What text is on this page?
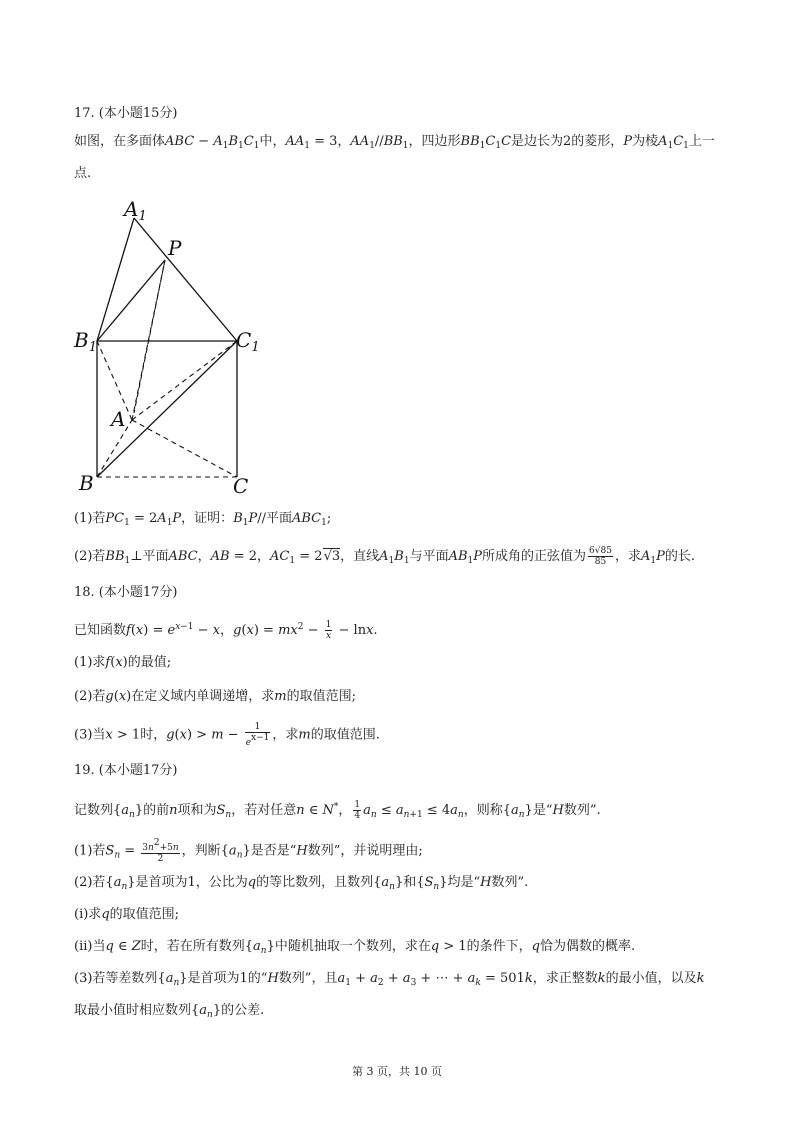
17. (本小题15分)
如图，在多面体ABC − $A_1B_1C_1$中，$AA_1 = 3$，$AA_1//BB_1$，四边形$BB_1C_1C$是边长为2的菱形，P为棱$A_1C_1$上一
点.
$A_1$
P
$B_1$	$C_1$
A
B	C
(1)若$PC_1 = 2A_1P$，证明：$B_1P//$平面$ABC_1$;
(2)若$BB_1\perp$平面ABC，AB = 2，$AC_1 = 2√3$，直线$A_1B_1$与平面$AB_1P$所成角的正弦值为 $\frac{6√85}{85}$ ，求$A_1P$的长.
18. (本小题17分)
已知函数$f(x) = e^{x-1} - x$，$g(x) = mx^2 - \frac{1}{x} - \ln x$.
(1)求f(x)的最值;
(2)若g(x)在定义域内单调递增，求m的取值范围;
(3)当x > 1时，$g(x) > m - \frac{1}{e^{x-1}}$ ，求m的取值范围.
19. (本小题17分)
记数列$\{a_n\}$的前n项和为$S_n$，若对任意n ∈ N*， $\frac{1}{4} a_n \le a_{n+1} \le 4a_n$，则称$\{a_n\}$是“H数列”.
(1)若$S_n = \frac{3n^2+5n}{2}$ ，判断$\{a_n\}$是否是“H数列”，并说明理由;
(2)若$\{a_n\}$是首项为1，公比为q的等比数列，且数列$\{a_n\}$和$\{S_n\}$均是“H数列”.
(i)求q的取值范围;
(ii)当q ∈ Z时，若在所有数列$\{a_n\}$中随机抽取一个数列，求在q > 1的条件下，q恰为偶数的概率.
(3)若等差数列$\{a_n\}$是首项为1的“H数列”，且$a_1 + a_2 + a_3$ + ⋯ + $a_k = 501k$，求正整数k的最小值，以及k
取最小值时相应数列$\{a_n\}$的公差.
第 3 页，共 10 页
